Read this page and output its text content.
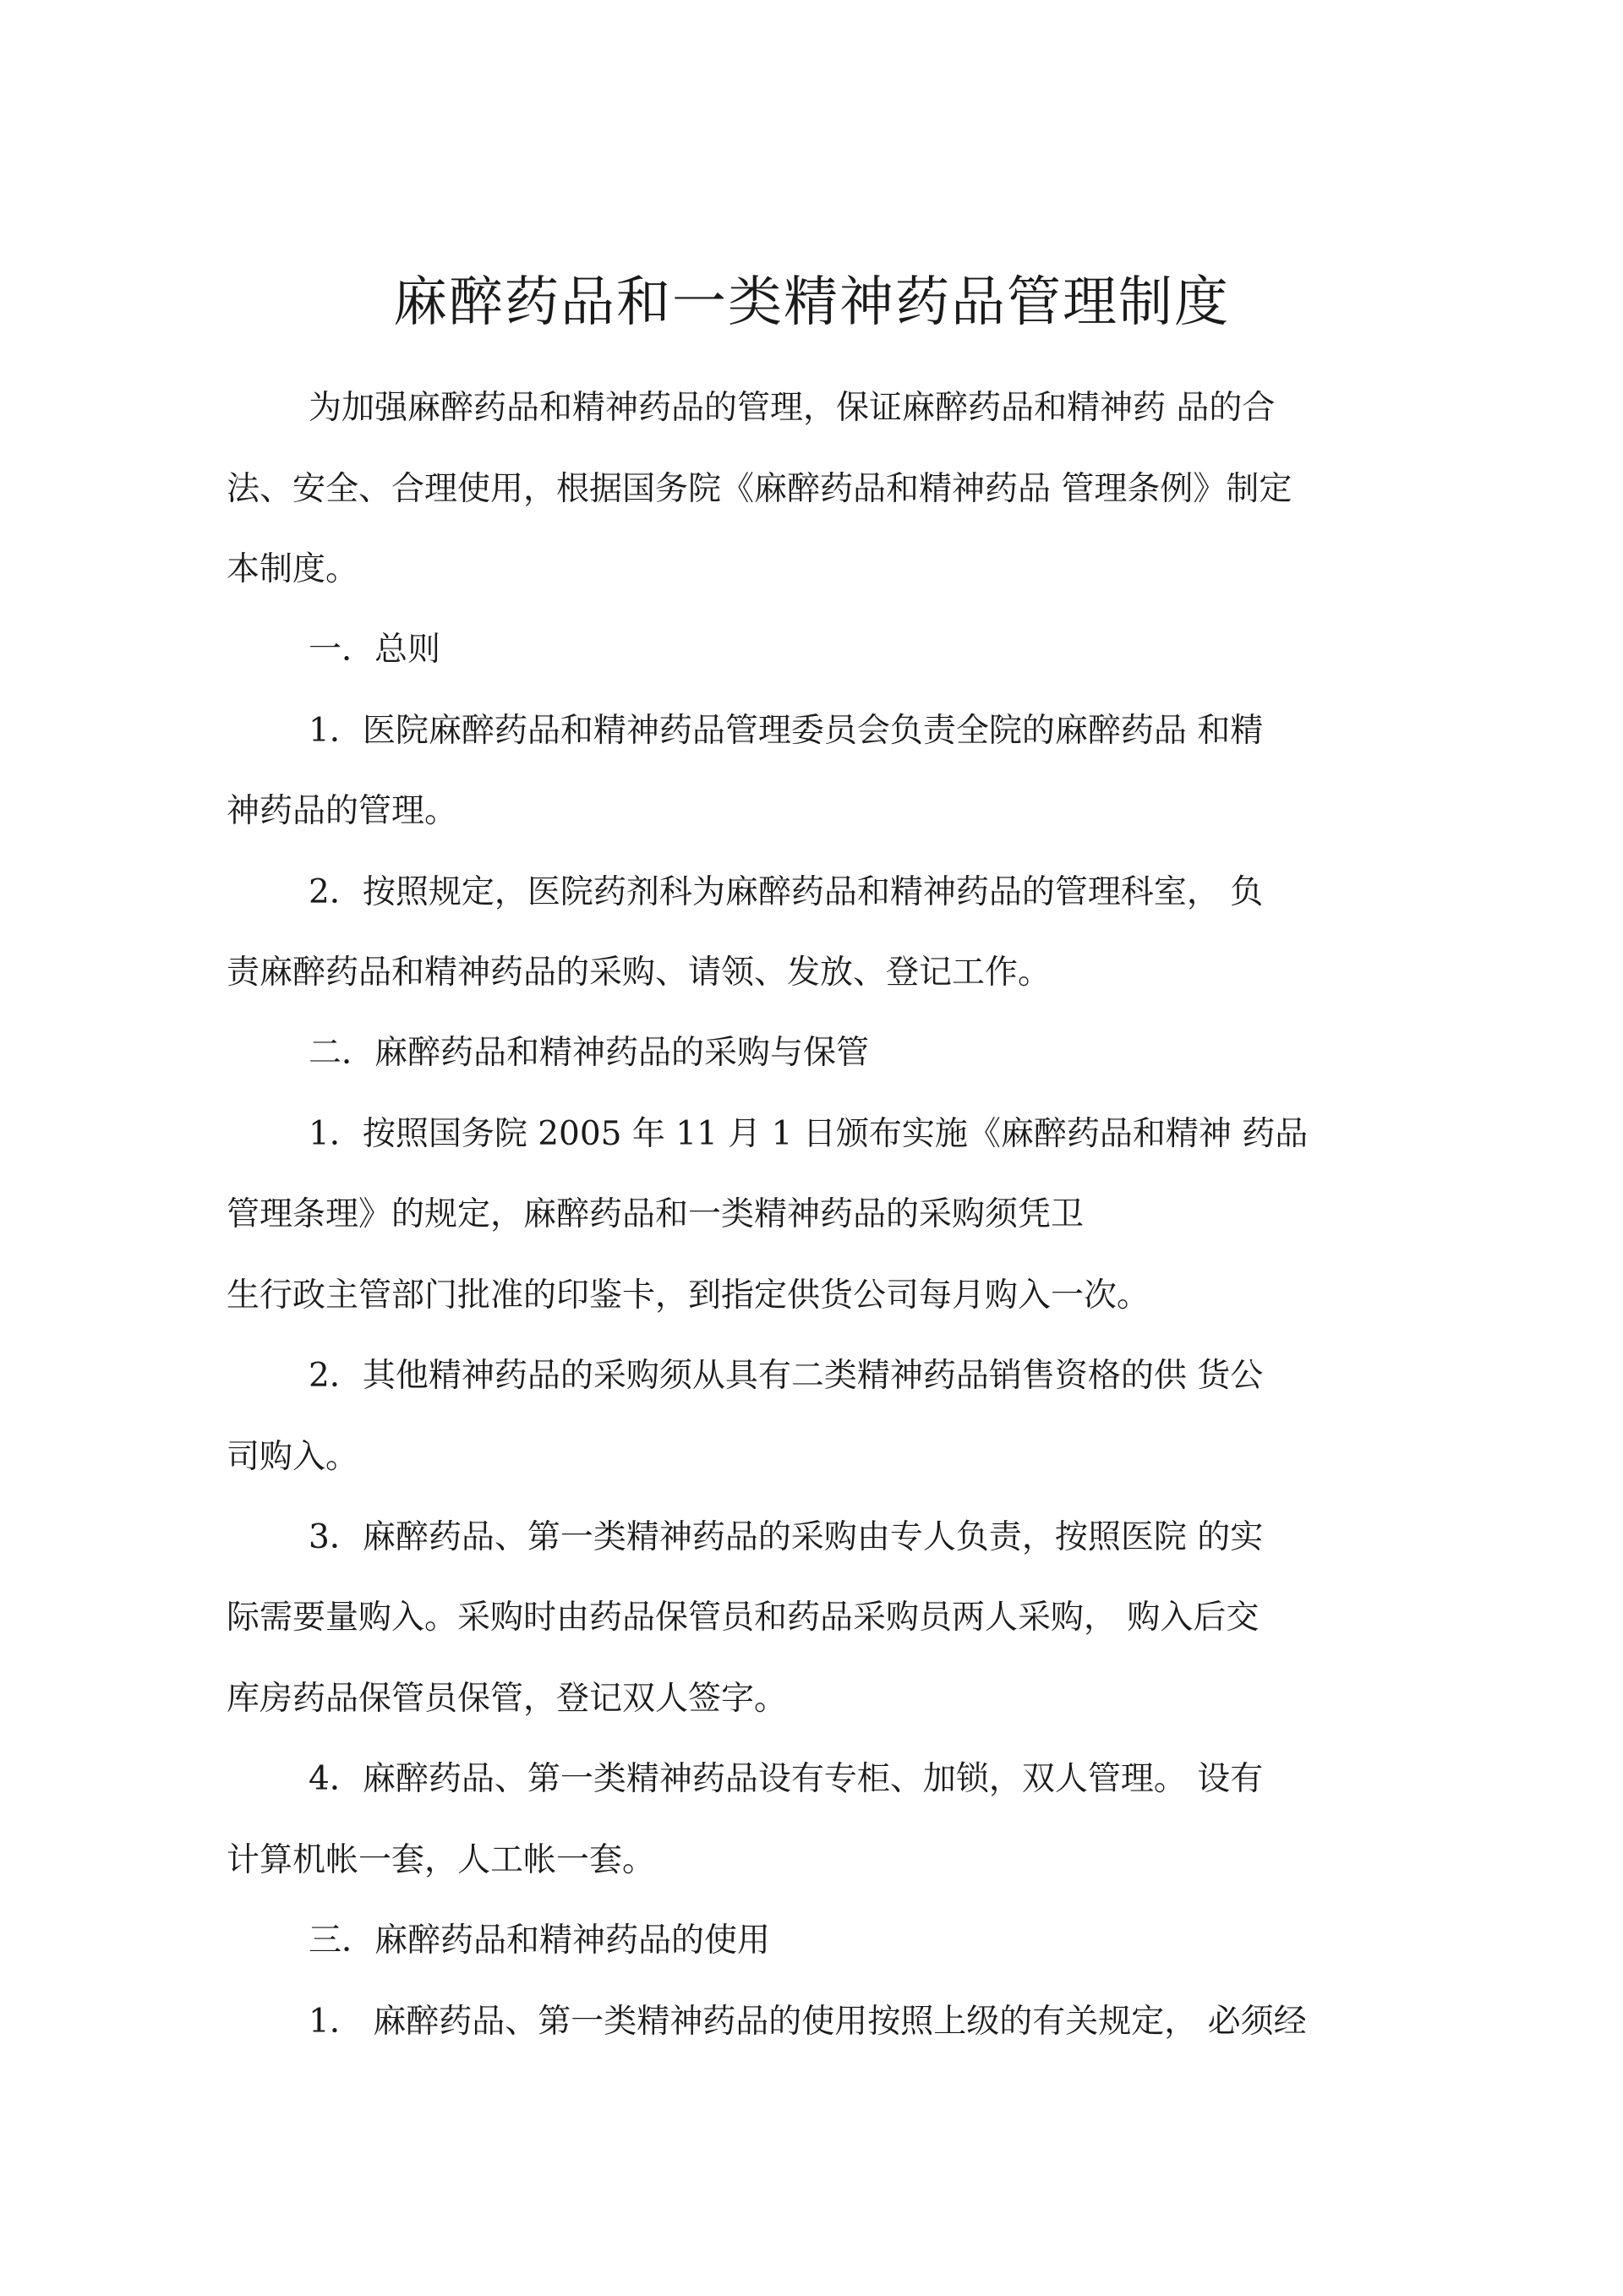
麻醉药品和一类精神药品管理制度
为加强麻醉药品和精神药品的管理，保证麻醉药品和精神药 品的合
法、安全、合理使用，根据国务院《麻醉药品和精神药品 管理条例》制定
本制度。
一．总则
1．医院麻醉药品和精神药品管理委员会负责全院的麻醉药品 和精
神药品的管理。
2．按照规定，医院药剂科为麻醉药品和精神药品的管理科室， 负
责麻醉药品和精神药品的采购、请领、发放、登记工作。
二．麻醉药品和精神药品的采购与保管
1．按照国务院 2005 年 11 月 1 日颁布实施《麻醉药品和精神 药品
管理条理》的规定，麻醉药品和一类精神药品的采购须凭卫
生行政主管部门批准的印鉴卡，到指定供货公司每月购入一次。
2．其他精神药品的采购须从具有二类精神药品销售资格的供 货公
司购入。
3．麻醉药品、第一类精神药品的采购由专人负责，按照医院 的实
际需要量购入。采购时由药品保管员和药品采购员两人采购， 购入后交
库房药品保管员保管，登记双人签字。
4．麻醉药品、第一类精神药品设有专柜、加锁，双人管理。 设有
计算机帐一套，人工帐一套。
三．麻醉药品和精神药品的使用
1． 麻醉药品、第一类精神药品的使用按照上级的有关规定， 必须经
